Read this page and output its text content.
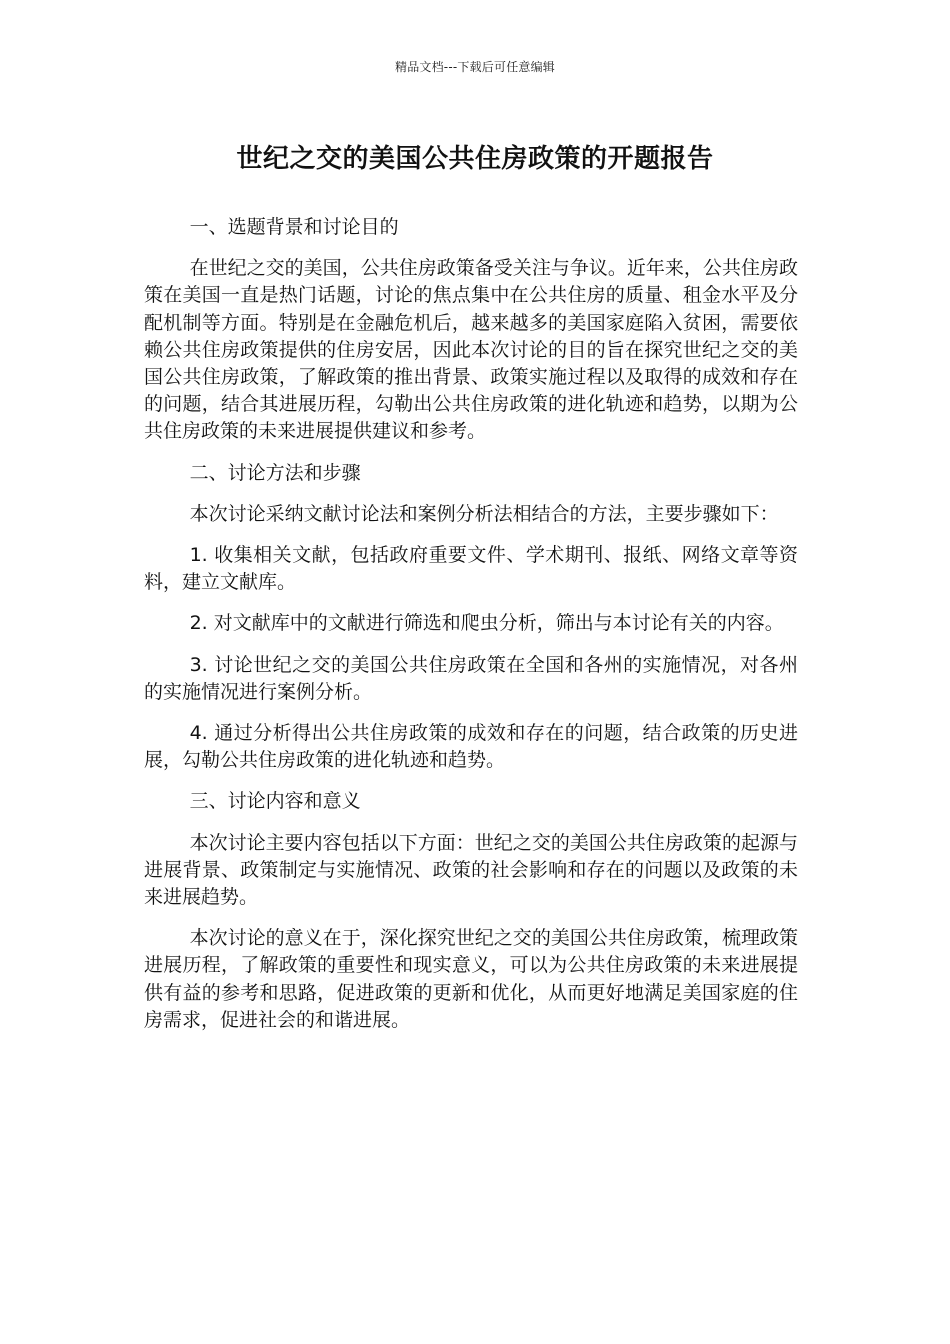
精品文档---下载后可任意编辑
世纪之交的美国公共住房政策的开题报告

一、选题背景和讨论目的

在世纪之交的美国，公共住房政策备受关注与争议。近年来，公共住房政策在美国一直是热门话题，讨论的焦点集中在公共住房的质量、租金水平及分配机制等方面。特别是在金融危机后，越来越多的美国家庭陷入贫困，需要依赖公共住房政策提供的住房安居，因此本次讨论的目的旨在探究世纪之交的美国公共住房政策，了解政策的推出背景、政策实施过程以及取得的成效和存在的问题，结合其进展历程，勾勒出公共住房政策的进化轨迹和趋势，以期为公共住房政策的未来进展提供建议和参考。

二、讨论方法和步骤

本次讨论采纳文献讨论法和案例分析法相结合的方法，主要步骤如下：

1. 收集相关文献，包括政府重要文件、学术期刊、报纸、网络文章等资料，建立文献库。

2. 对文献库中的文献进行筛选和爬虫分析，筛出与本讨论有关的内容。

3. 讨论世纪之交的美国公共住房政策在全国和各州的实施情况，对各州的实施情况进行案例分析。

4. 通过分析得出公共住房政策的成效和存在的问题，结合政策的历史进展，勾勒公共住房政策的进化轨迹和趋势。

三、讨论内容和意义

本次讨论主要内容包括以下方面：世纪之交的美国公共住房政策的起源与进展背景、政策制定与实施情况、政策的社会影响和存在的问题以及政策的未来进展趋势。

本次讨论的意义在于，深化探究世纪之交的美国公共住房政策，梳理政策进展历程，了解政策的重要性和现实意义，可以为公共住房政策的未来进展提供有益的参考和思路，促进政策的更新和优化，从而更好地满足美国家庭的住房需求，促进社会的和谐进展。
